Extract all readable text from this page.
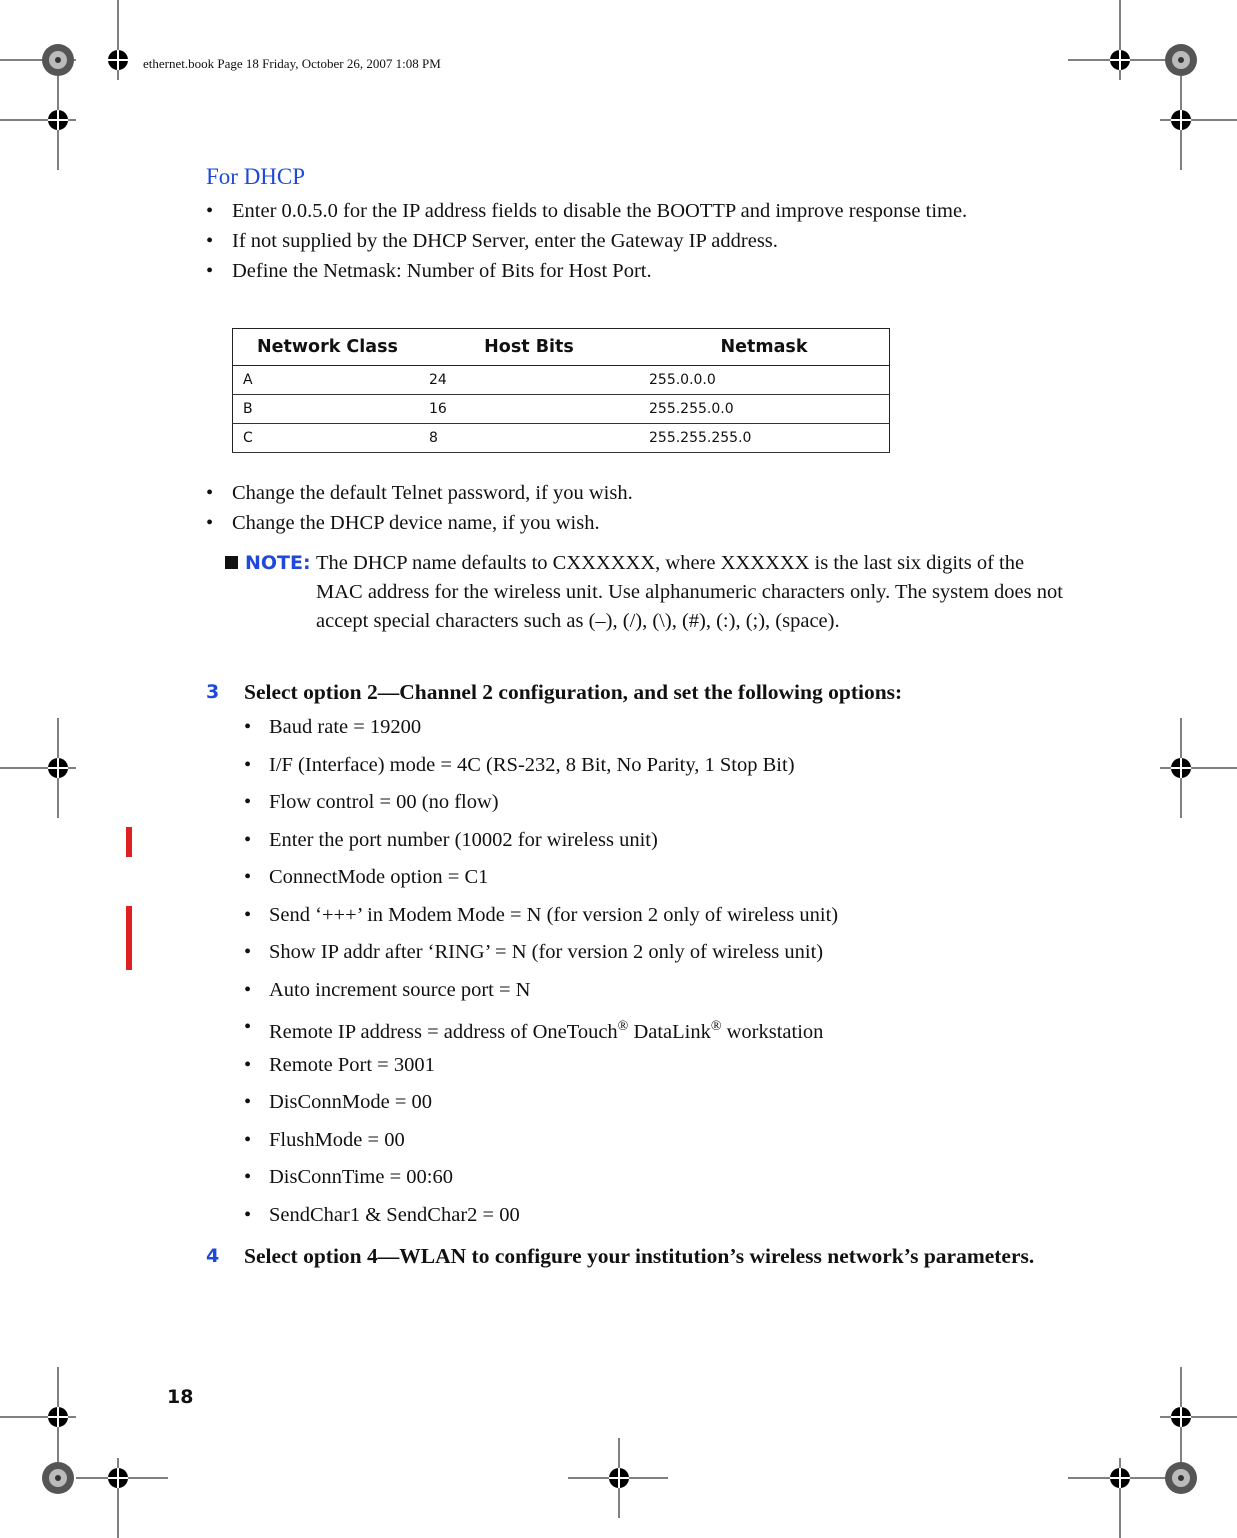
ethernet.book Page 18 Friday, October 26, 2007 1:08 PM
For DHCP
• Enter 0.0.5.0 for the IP address fields to disable the BOOTTP and improve response time.
• If not supplied by the DHCP Server, enter the Gateway IP address.
• Define the Netmask: Number of Bits for Host Port.
Network Class	Host Bits	Netmask
A	24	255.0.0.0
B	16	255.255.0.0
C	8	255.255.255.0
• Change the default Telnet password, if you wish.
• Change the DHCP device name, if you wish.
NOTE: The DHCP name defaults to CXXXXXX, where XXXXXX is the last six digits of the MAC address for the wireless unit. Use alphanumeric characters only. The system does not accept special characters such as (–), (/), (\), (#), (:), (;), (space).
3 Select option 2—Channel 2 configuration, and set the following options:
• Baud rate = 19200
• I/F (Interface) mode = 4C (RS-232, 8 Bit, No Parity, 1 Stop Bit)
• Flow control = 00 (no flow)
• Enter the port number (10002 for wireless unit)
• ConnectMode option = C1
• Send ‘+++’ in Modem Mode = N (for version 2 only of wireless unit)
• Show IP addr after ‘RING’ = N (for version 2 only of wireless unit)
• Auto increment source port = N
• Remote IP address = address of OneTouch® DataLink® workstation
• Remote Port = 3001
• DisConnMode = 00
• FlushMode = 00
• DisConnTime = 00:60
• SendChar1 & SendChar2 = 00
4 Select option 4—WLAN to configure your institution’s wireless network’s parameters.
18
